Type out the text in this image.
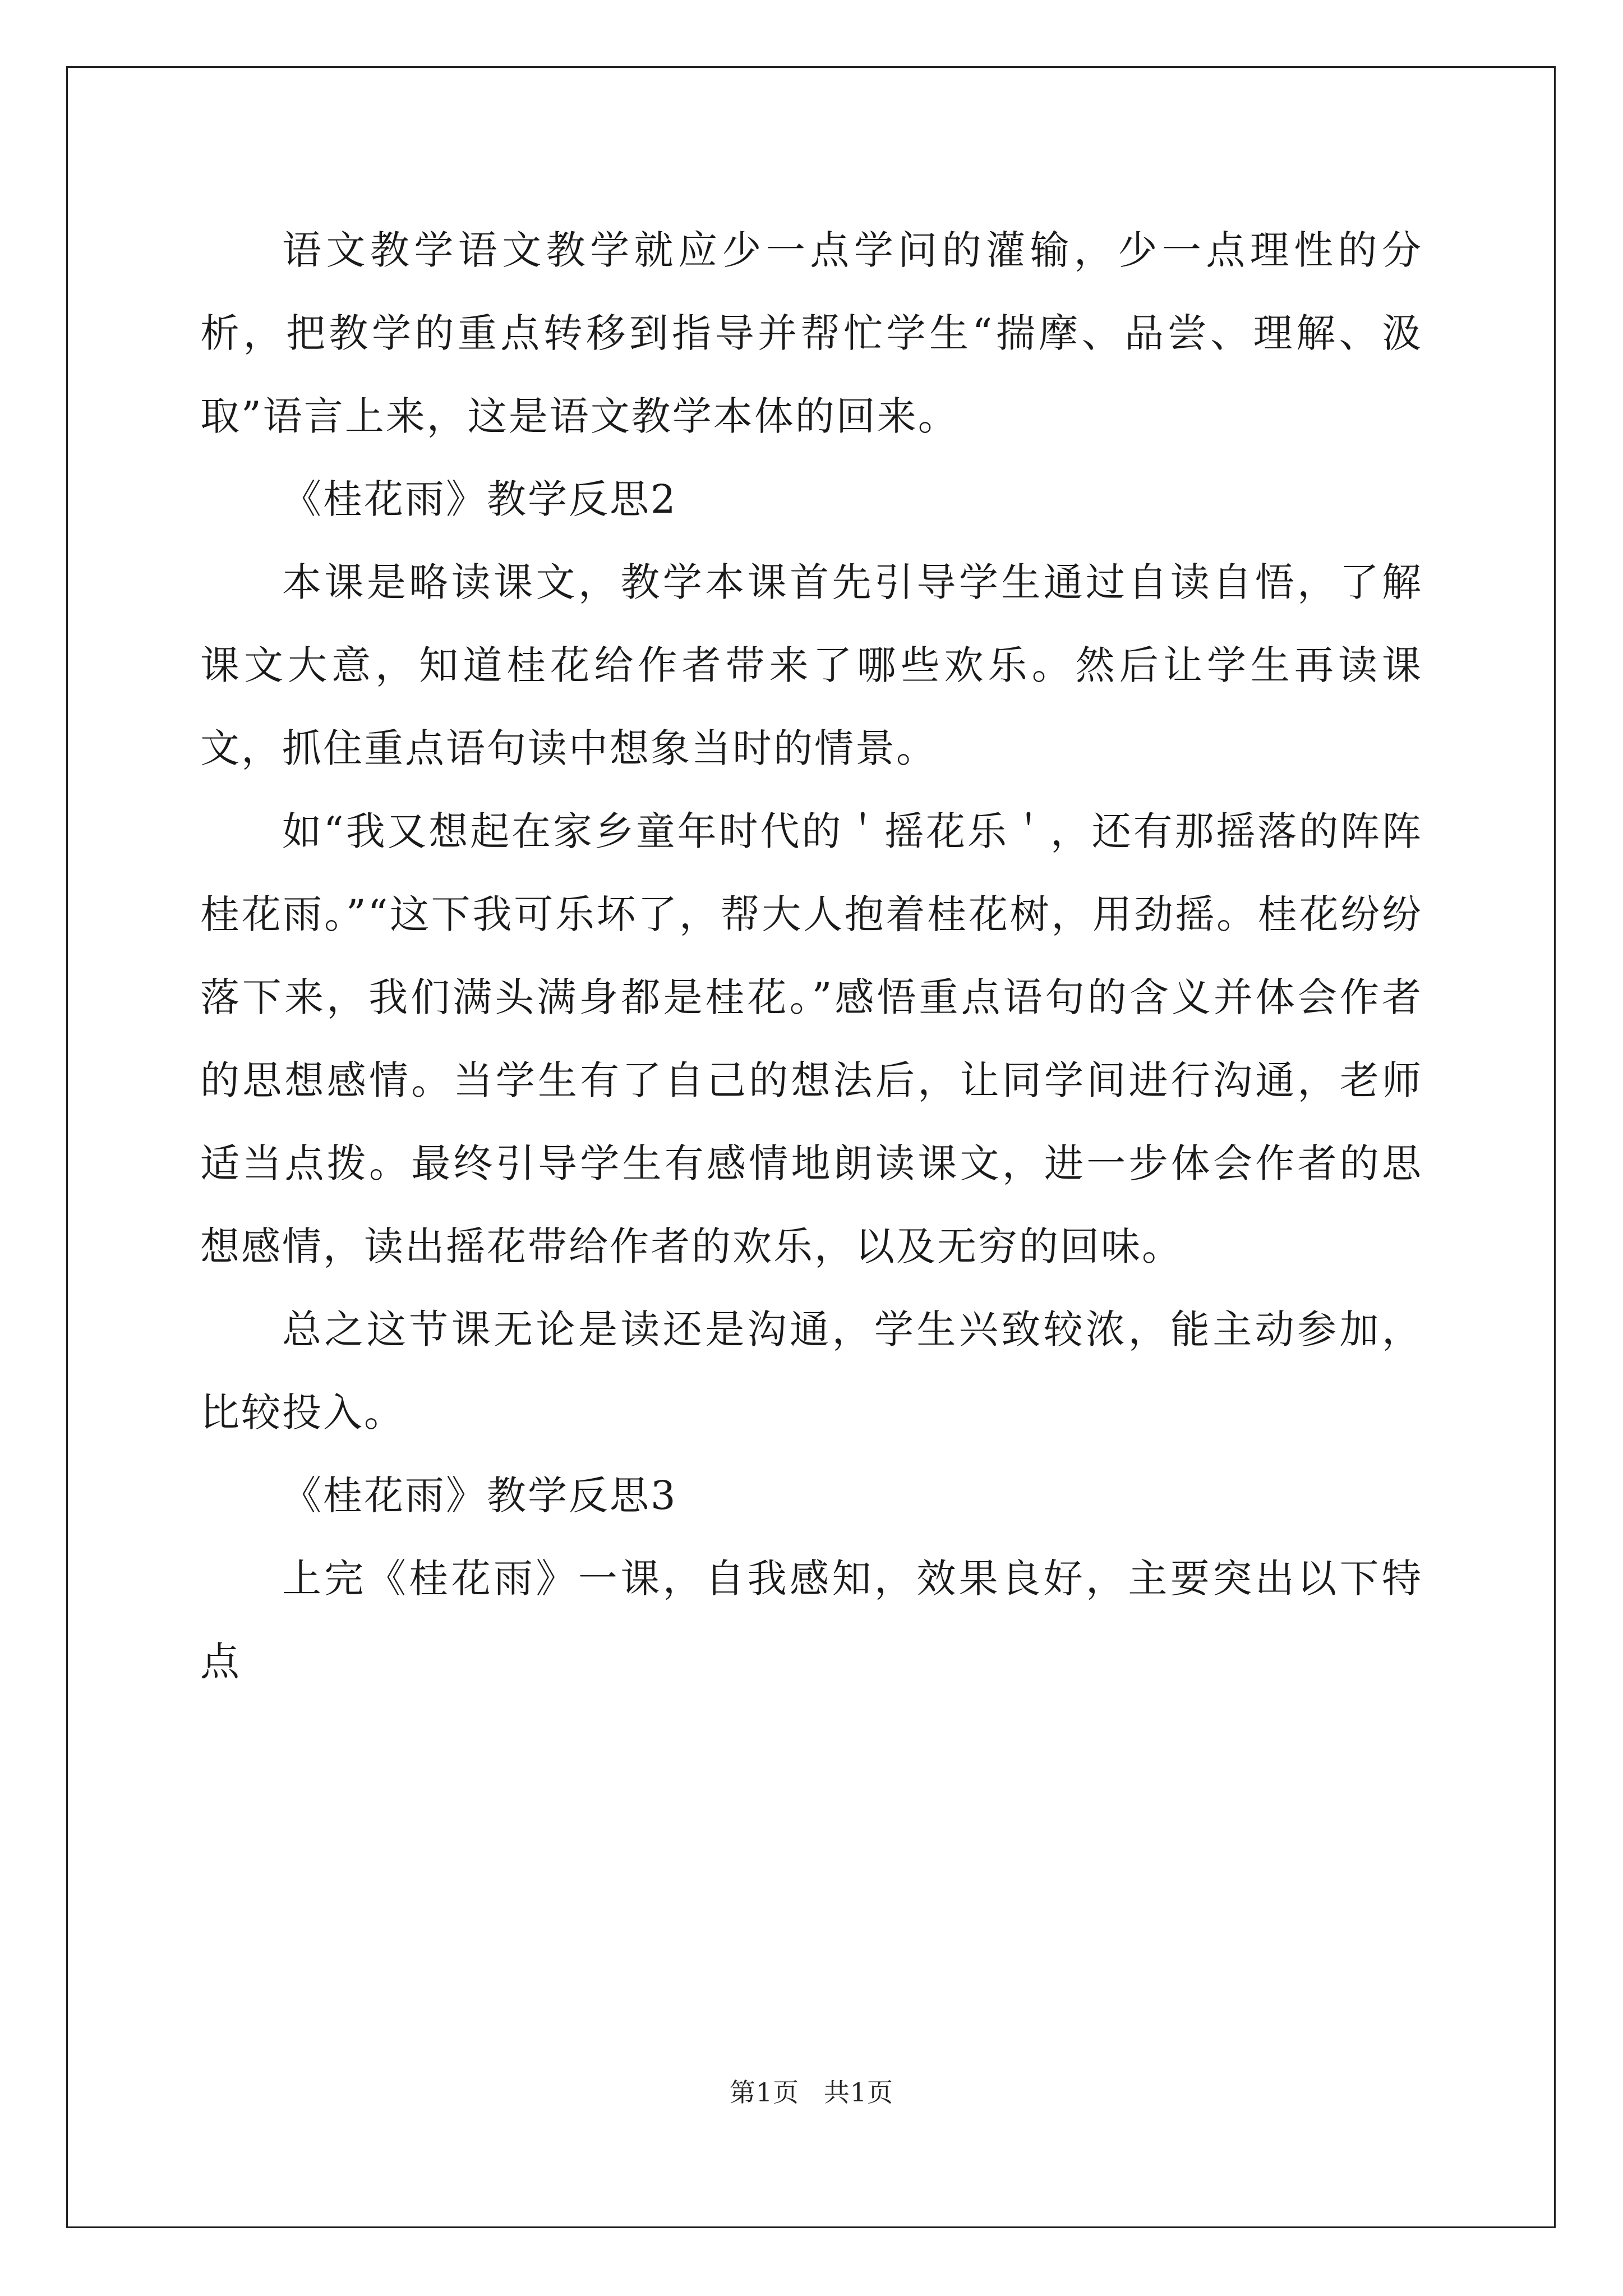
语文教学语文教学就应少一点学问的灌输，少一点理性的分析，把教学的重点转移到指导并帮忙学生“揣摩、品尝、理解、汲取”语言上来，这是语文教学本体的回来。

《桂花雨》教学反思2

本课是略读课文，教学本课首先引导学生通过自读自悟，了解课文大意，知道桂花给作者带来了哪些欢乐。然后让学生再读课文，抓住重点语句读中想象当时的情景。

如“我又想起在家乡童年时代的＇摇花乐＇，还有那摇落的阵阵桂花雨。”“这下我可乐坏了，帮大人抱着桂花树，用劲摇。桂花纷纷落下来，我们满头满身都是桂花。”感悟重点语句的含义并体会作者的思想感情。当学生有了自己的想法后，让同学间进行沟通，老师适当点拨。最终引导学生有感情地朗读课文，进一步体会作者的思想感情，读出摇花带给作者的欢乐，以及无穷的回味。

总之这节课无论是读还是沟通，学生兴致较浓，能主动参加，比较投入。

《桂花雨》教学反思3

上完《桂花雨》一课，自我感知，效果良好，主要突出以下特点

第1页 共1页
